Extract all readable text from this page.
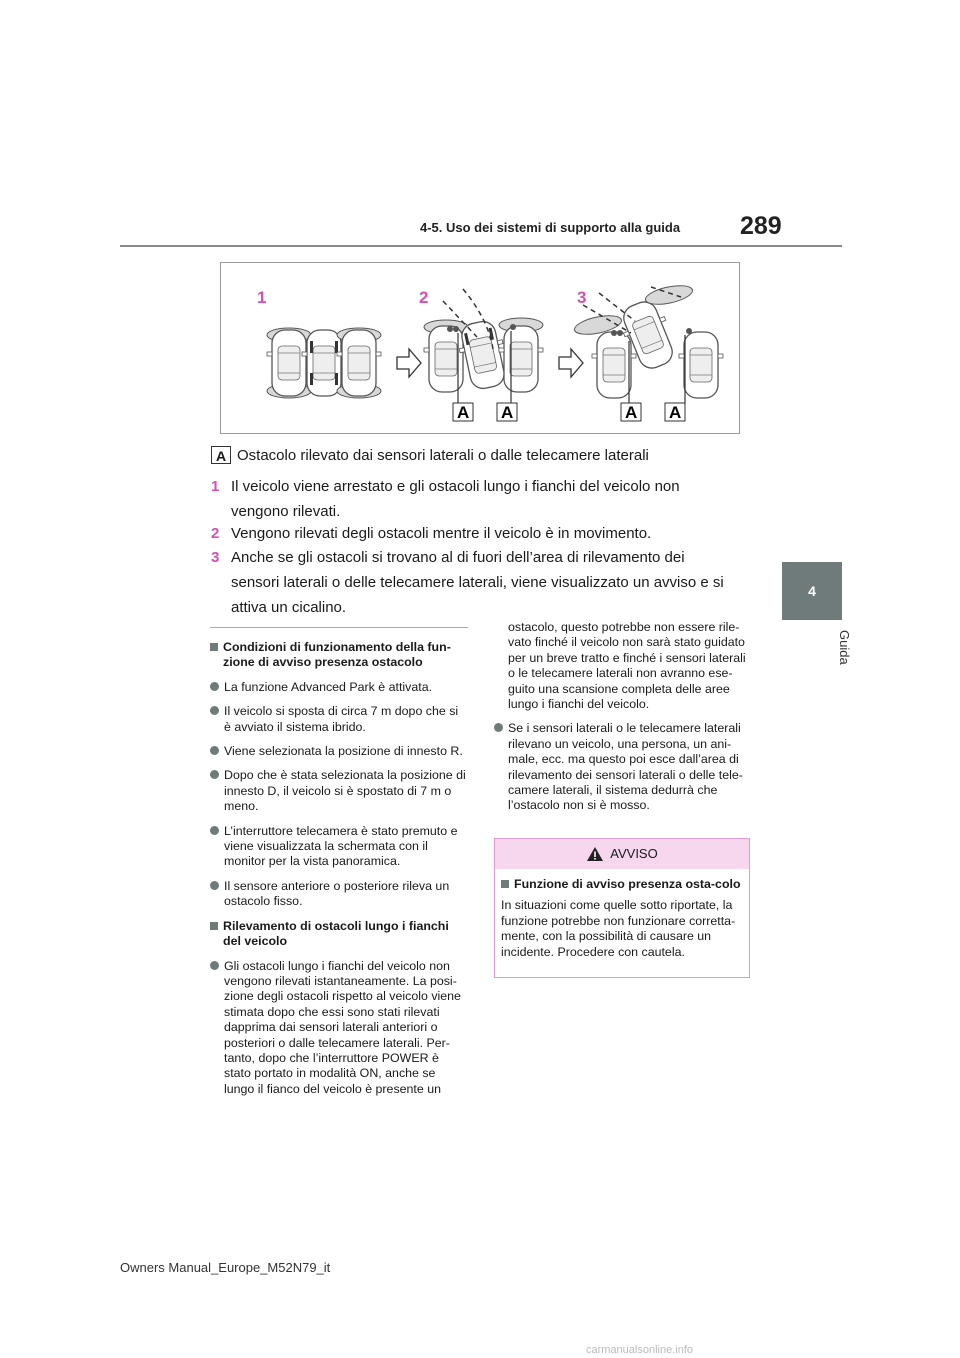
4-5. Uso dei sistemi di supporto alla guida 289
4
Guida
1	2	3
A A	A A
A Ostacolo rilevato dai sensori laterali o dalle telecamere laterali
1 Il veicolo viene arrestato e gli ostacoli lungo i fianchi del veicolo non vengono rilevati.
2 Vengono rilevati degli ostacoli mentre il veicolo è in movimento.
3 Anche se gli ostacoli si trovano al di fuori dell’area di rilevamento dei sensori laterali o delle telecamere laterali, viene visualizzato un avviso e si attiva un cicalino.
Condizioni di funzionamento della fun-zione di avviso presenza ostacolo
La funzione Advanced Park è attivata.
Il veicolo si sposta di circa 7 m dopo che si è avviato il sistema ibrido.
Viene selezionata la posizione di innesto R.
Dopo che è stata selezionata la posizione di innesto D, il veicolo si è spostato di 7 m o meno.
L’interruttore telecamera è stato premuto e viene visualizzata la schermata con il monitor per la vista panoramica.
Il sensore anteriore o posteriore rileva un ostacolo fisso.
Rilevamento di ostacoli lungo i fianchi del veicolo
Gli ostacoli lungo i fianchi del veicolo non vengono rilevati istantaneamente. La posi-zione degli ostacoli rispetto al veicolo viene stimata dopo che essi sono stati rilevati dapprima dai sensori laterali anteriori o posteriori o dalle telecamere laterali. Per-tanto, dopo che l’interruttore POWER è stato portato in modalità ON, anche se lungo il fianco del veicolo è presente un
ostacolo, questo potrebbe non essere rile-vato finché il veicolo non sarà stato guidato per un breve tratto e finché i sensori laterali o le telecamere laterali non avranno ese-guito una scansione completa delle aree lungo i fianchi del veicolo.
Se i sensori laterali o le telecamere laterali rilevano un veicolo, una persona, un ani-male, ecc. ma questo poi esce dall’area di rilevamento dei sensori laterali o delle tele-camere laterali, il sistema dedurrà che l’ostacolo non si è mosso.
AVVISO
Funzione di avviso presenza osta-colo
In situazioni come quelle sotto riportate, la funzione potrebbe non funzionare corretta-mente, con la possibilità di causare un incidente. Procedere con cautela.
Owners Manual_Europe_M52N79_it
carmanualsonline.info
